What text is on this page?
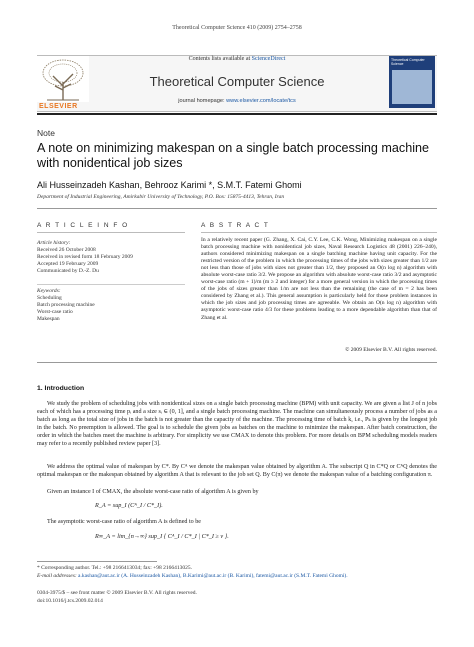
Theoretical Computer Science 410 (2009) 2754–2758
ELSEVIER
Contents lists available at ScienceDirect
Theoretical Computer Science
journal homepage: www.elsevier.com/locate/tcs
Theoretical Computer Science
Note
A note on minimizing makespan on a single batch processing machine with nonidentical job sizes
Ali Husseinzadeh Kashan, Behrooz Karimi *, S.M.T. Fatemi Ghomi
Department of Industrial Engineering, Amirkabir University of Technology, P.O. Box: 15875-4413, Tehran, Iran
A R T I C L E I N F O	A B S T R A C T
Article history:
Received 26 October 2008
Received in revised form 18 February 2009
Accepted 19 February 2009
Communicated by D.-Z. Du
Keywords:
Scheduling
Batch processing machine
Worst-case ratio
Makespan
In a relatively recent paper (G. Zhang, X. Cai, C.Y. Lee, C.K. Wong, Minimizing makespan on a single batch processing machine with nonidentical job sizes, Naval Research Logistics 48 (2001) 226–240), authors considered minimizing makespan on a single batching machine having unit capacity. For the restricted version of the problem in which the processing times of the jobs with sizes greater than 1/2 are not less than those of jobs with sizes not greater than 1/2, they proposed an O(n log n) algorithm with absolute worst-case ratio 3/2. We propose an algorithm with absolute worst-case ratio 3/2 and asymptotic worst-case ratio (m + 1)/m (m ≥ 2 and integer) for a more general version in which the processing times of the jobs of sizes greater than 1/m are not less than the remaining (the case of m = 2 has been considered by Zhang et al.). This general assumption is particularly held for those problem instances in which the job sizes and job processing times are agreeable. We obtain an O(n log n) algorithm with asymptotic worst-case ratio 4/3 for these problems leading to a more dependable algorithm than that of Zhang et al.
© 2009 Elsevier B.V. All rights reserved.
1. Introduction
We study the problem of scheduling jobs with nonidentical sizes on a single batch processing machine (BPM) with unit capacity. We are given a list J of n jobs each of which has a processing time pᵢ and a size sᵢ ∈ (0, 1], and a single batch processing machine. The machine can simultaneously process a number of jobs as a batch as long as the total size of jobs in the batch is not greater than the capacity of the machine. The processing time of batch k, i.e., Pₖ is given by the longest job in the batch. No preemption is allowed. The goal is to schedule the given jobs as batches on the machine to minimize the makespan. After batch construction, the order in which the batches meet the machine is arbitrary. For simplicity we use CMAX to denote this problem. For more details on BPM scheduling models readers may refer to a recently published review paper [3].
We address the optimal value of makespan by C*. By Cᴬ we denote the makespan value obtained by algorithm A. The subscript Q in C*Q or CᴬQ denotes the optimal makespan or the makespan obtained by algorithm A that is relevant to the job set Q. By C(π) we denote the makespan value of a batching configuration π.
Given an instance I of CMAX, the absolute worst-case ratio of algorithm A is given by
R_A = sup_I (Cᴬ_I / C*_I).
The asymptotic worst-case ratio of algorithm A is defined to be
R∞_A = lim_{n→∞} sup_I { Cᴬ_I / C*_I | C*_I ≥ v }.
* Corresponding author. Tel.: +98 2166413034; fax: +98 2166413025.
E-mail addresses: a.kashan@aut.ac.ir (A. Husseinzadeh Kashan), B.Karimi@aut.ac.ir (B. Karimi), fatemi@aut.ac.ir (S.M.T. Fatemi Ghomi).
0304-3975/$ – see front matter © 2009 Elsevier B.V. All rights reserved.
doi:10.1016/j.tcs.2009.02.014
